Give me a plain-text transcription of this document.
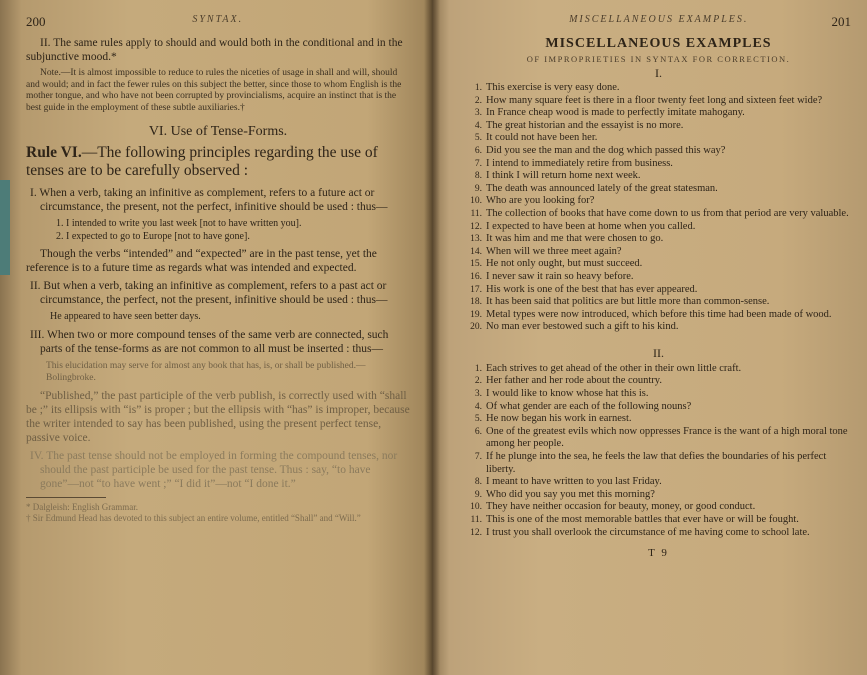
200	SYNTAX.

II. The same rules apply to should and would both in the conditional and in the subjunctive mood.*

Note.—It is almost impossible to reduce to rules the niceties of usage in shall and will, should and would; and in fact the fewer rules on this subject the better, since those to whom English is the mother tongue, and who have not been corrupted by provincialisms, acquire an instinct that is the best guide in the employment of these subtle auxiliaries.†

VI. Use of Tense-Forms.

Rule VI.—The following principles regarding the use of tenses are to be carefully observed :

I. When a verb, taking an infinitive as complement, refers to a future act or circumstance, the present, not the perfect, infinitive should be used : thus—

1. I intended to write you last week [not to have written you].

2. I expected to go to Europe [not to have gone].

Though the verbs “intended” and “expected” are in the past tense, yet the reference is to a future time as regards what was intended and expected.

II. But when a verb, taking an infinitive as complement, refers to a past act or circumstance, the perfect, not the present, infinitive should be used : thus—

He appeared to have seen better days.

III. When two or more compound tenses of the same verb are connected, such parts of the tense-forms as are not common to all must be inserted : thus—

This elucidation may serve for almost any book that has, is, or shall be published.—Bolingbroke.

“Published,” the past participle of the verb publish, is correctly used with “shall be ;” its ellipsis with “is” is proper ; but the ellipsis with “has” is improper, because the writer intended to say has been published, using the present perfect tense, passive voice.

IV. The past tense should not be employed in forming the compound tenses, nor should the past participle be used for the past tense. Thus : say, “to have gone”—not “to have went ;” “I did it”—not “I done it.”

* Dalgleish: English Grammar.

† Sir Edmund Head has devoted to this subject an entire volume, entitled “Shall” and “Will.”

MISCELLANEOUS EXAMPLES.	201
MISCELLANEOUS EXAMPLES
OF IMPROPRIETIES IN SYNTAX FOR CORRECTION.
I.
1. This exercise is very easy done.
2. How many square feet is there in a floor twenty feet long and sixteen feet wide?
3. In France cheap wood is made to perfectly imitate mahogany.
4. The great historian and the essayist is no more.
5. It could not have been her.
6. Did you see the man and the dog which passed this way?
7. I intend to immediately retire from business.
8. I think I will return home next week.
9. The death was announced lately of the great statesman.
10. Who are you looking for?
11. The collection of books that have come down to us from that period are very valuable.
12. I expected to have been at home when you called.
13. It was him and me that were chosen to go.
14. When will we three meet again?
15. He not only ought, but must succeed.
16. I never saw it rain so heavy before.
17. His work is one of the best that has ever appeared.
18. It has been said that politics are but little more than common-sense.
19. Metal types were now introduced, which before this time had been made of wood.
20. No man ever bestowed such a gift to his kind.
II.
1. Each strives to get ahead of the other in their own little craft.
2. Her father and her rode about the country.
3. I would like to know whose hat this is.
4. Of what gender are each of the following nouns?
5. He now began his work in earnest.
6. One of the greatest evils which now oppresses France is the want of a high moral tone among her people.
7. If he plunge into the sea, he feels the law that defies the boundaries of his perfect liberty.
8. I meant to have written to you last Friday.
9. Who did you say you met this morning?
10. They have neither occasion for beauty, money, or good conduct.
11. This is one of the most memorable battles that ever have or will be fought.
12. I trust you shall overlook the circumstance of me having come to school late.
T 9
